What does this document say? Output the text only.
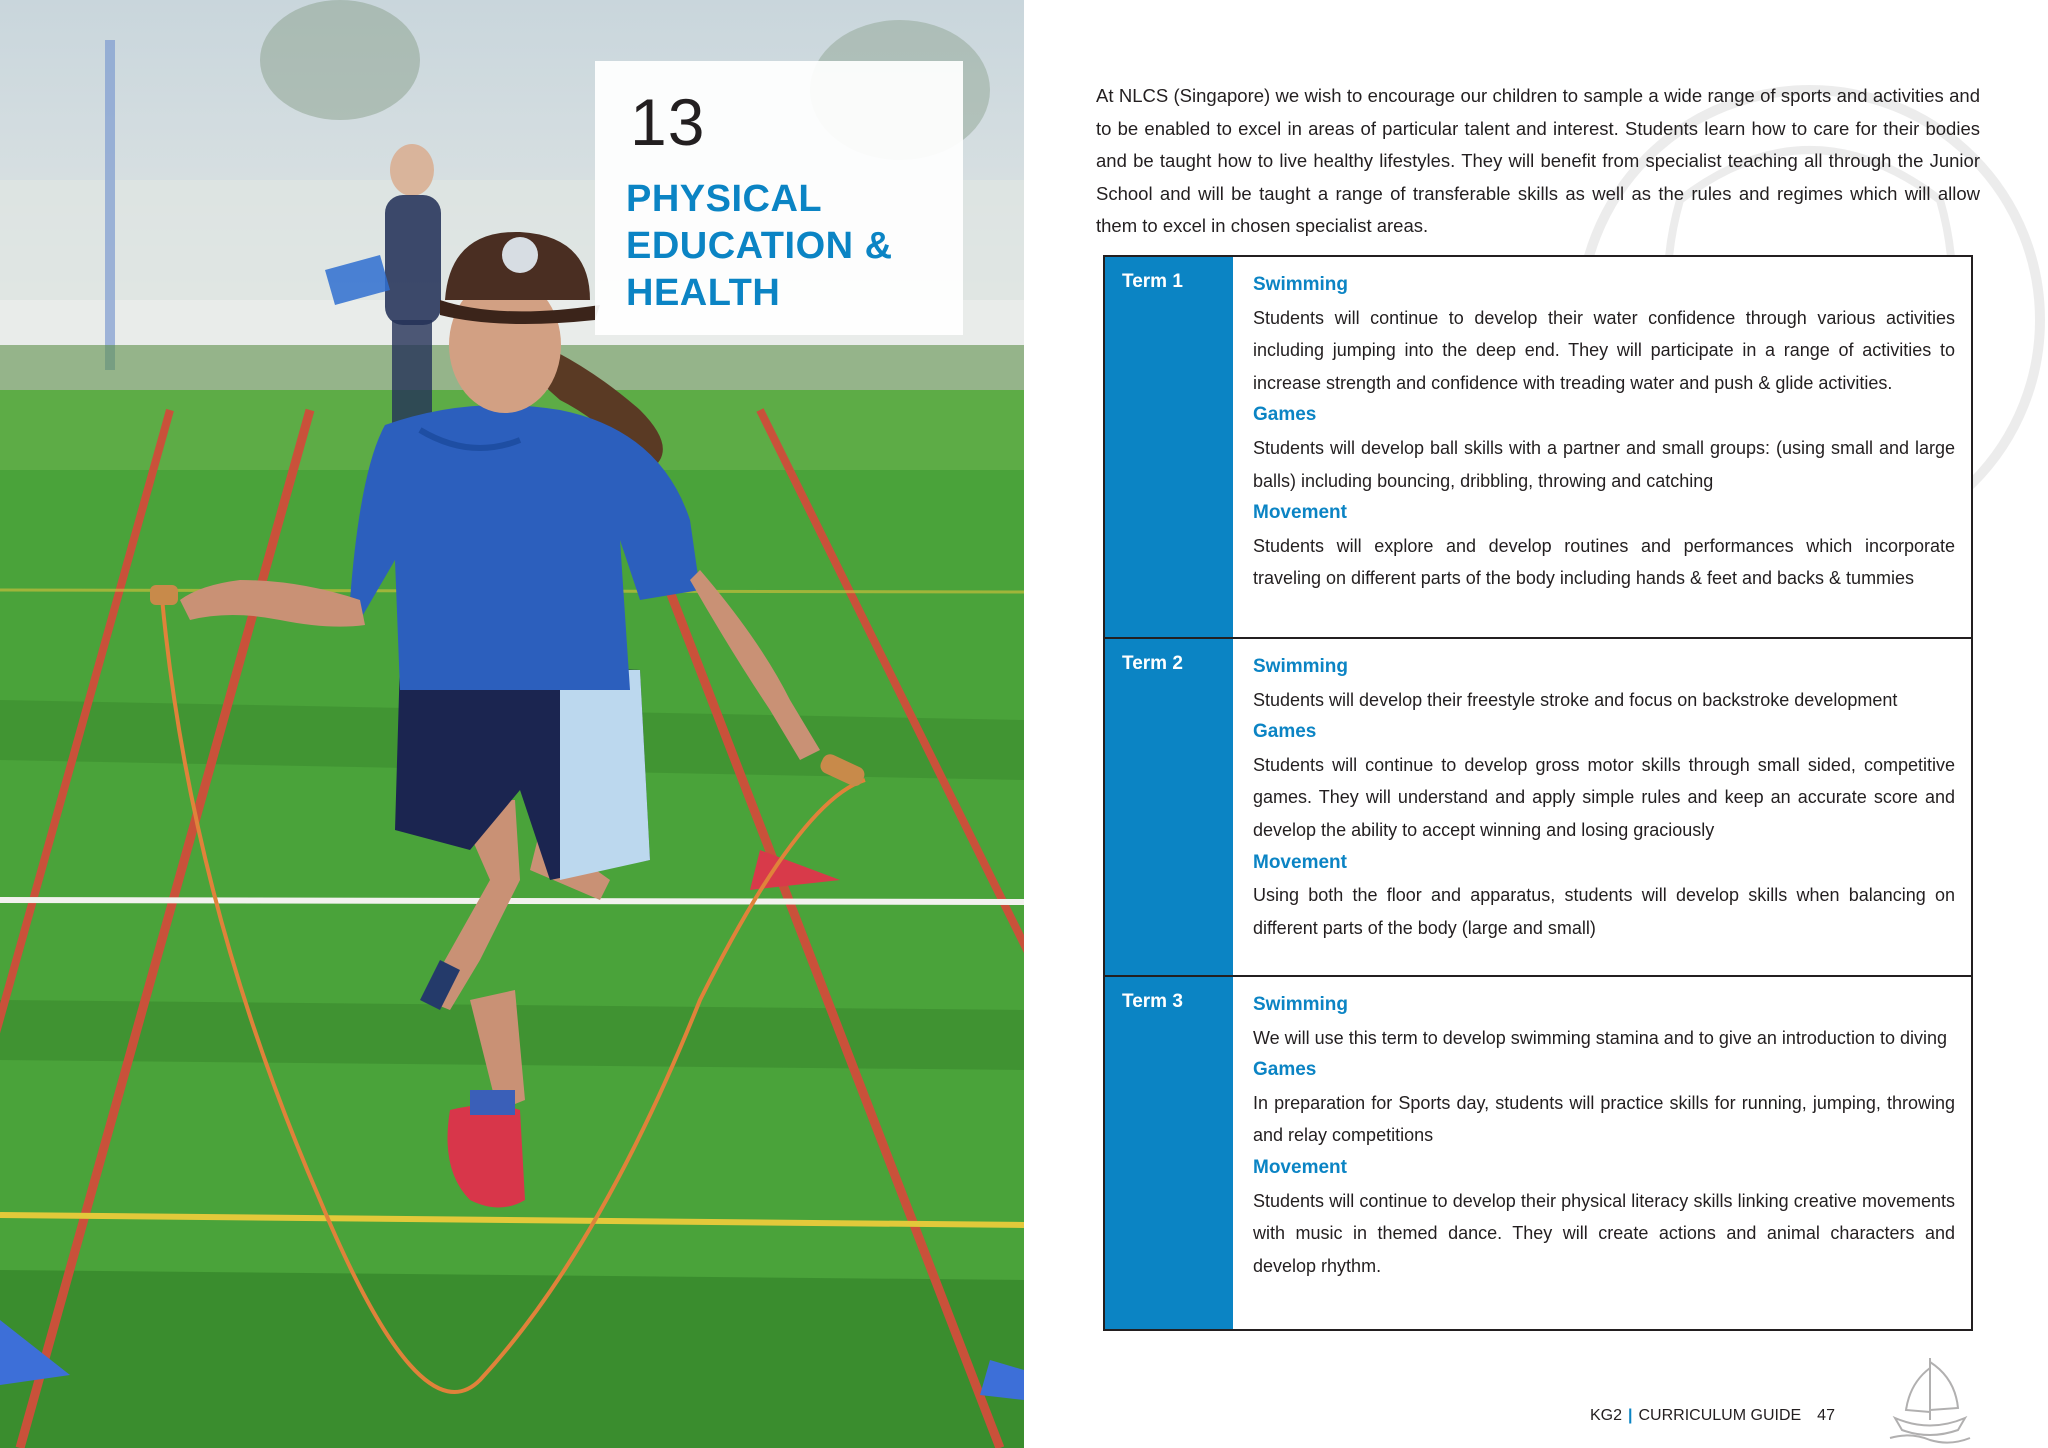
13
PHYSICAL
EDUCATION &
HEALTH

At NLCS (Singapore) we wish to encourage our children to sample a wide range of sports and activities and to be enabled to excel in areas of particular talent and interest. Students learn how to care for their bodies and be taught how to live healthy lifestyles. They will benefit from specialist teaching all through the Junior School and will be taught a range of transferable skills as well as the rules and regimes which will allow them to excel in chosen specialist areas.

Term 1	Swimming
Students will continue to develop their water confidence through various activities including jumping into the deep end. They will participate in a range of activities to increase strength and confidence with treading water and push & glide activities.
Games
Students will develop ball skills with a partner and small groups: (using small and large balls) including bouncing, dribbling, throwing and catching
Movement
Students will explore and develop routines and performances which incorporate traveling on different parts of the body including hands & feet and backs & tummies
Term 2	Swimming
Students will develop their freestyle stroke and focus on backstroke development
Games
Students will continue to develop gross motor skills through small sided, competitive games. They will understand and apply simple rules and keep an accurate score and develop the ability to accept winning and losing graciously
Movement
Using both the floor and apparatus, students will develop skills when balancing on different parts of the body (large and small)
Term 3	Swimming
We will use this term to develop swimming stamina and to give an introduction to diving
Games
In preparation for Sports day, students will practice skills for running, jumping, throwing and relay competitions
Movement
Students will continue to develop their physical literacy skills linking creative movements with music in themed dance. They will create actions and animal characters and develop rhythm.
KG2 | CURRICULUM GUIDE 47
